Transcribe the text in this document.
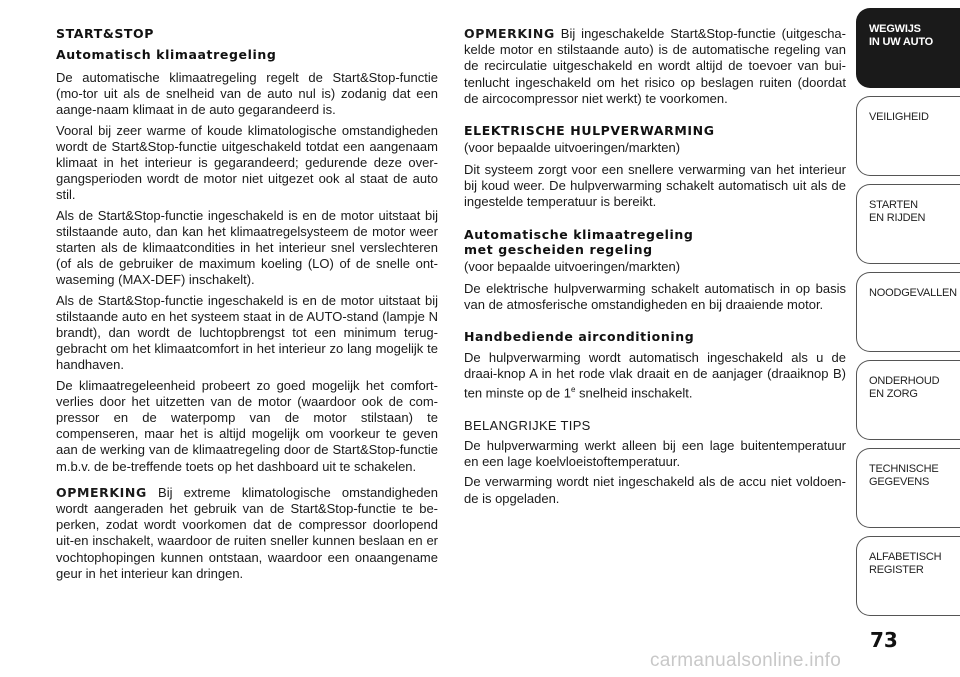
START&STOP
Automatisch klimaatregeling

De automatische klimaatregeling regelt de Start&Stop-functie (mo-tor uit als de snelheid van de auto nul is) zodanig dat een aange-naam klimaat in de auto gegarandeerd is.

Vooral bij zeer warme of koude klimatologische omstandigheden wordt de Start&Stop-functie uitgeschakeld totdat een aangenaam klimaat in het interieur is gegarandeerd; gedurende deze over-gangsperioden wordt de motor niet uitgezet ook al staat de auto stil.

Als de Start&Stop-functie ingeschakeld is en de motor uitstaat bij stilstaande auto, dan kan het klimaatregelsysteem de motor weer starten als de klimaatcondities in het interieur snel verslechteren (of als de gebruiker de maximum koeling (LO) of de snelle ont-waseming (MAX-DEF) inschakelt).

Als de Start&Stop-functie ingeschakeld is en de motor uitstaat bij stilstaande auto en het systeem staat in de AUTO-stand (lampje N brandt), dan wordt de luchtopbrengst tot een minimum terug-gebracht om het klimaatcomfort in het interieur zo lang mogelijk te handhaven.

De klimaatregeleenheid probeert zo goed mogelijk het comfort-verlies door het uitzetten van de motor (waardoor ook de com-pressor en de waterpomp van de motor stilstaan) te compenseren, maar het is altijd mogelijk om voorkeur te geven aan de werking van de klimaatregeling door de Start&Stop-functie m.b.v. de be-treffende toets op het dashboard uit te schakelen.

OPMERKING Bij extreme klimatologische omstandigheden wordt aangeraden het gebruik van de Start&Stop-functie te be-perken, zodat wordt voorkomen dat de compressor doorlopend uit-en inschakelt, waardoor de ruiten sneller kunnen beslaan en er vochtophopingen kunnen ontstaan, waardoor een onaangename geur in het interieur kan dringen.

OPMERKING Bij ingeschakelde Start&Stop-functie (uitgescha-kelde motor en stilstaande auto) is de automatische regeling van de recirculatie uitgeschakeld en wordt altijd de toevoer van bui-tenlucht ingeschakeld om het risico op beslagen ruiten (doordat de aircocompressor niet werkt) te voorkomen.

ELEKTRISCHE HULPVERWARMING
(voor bepaalde uitvoeringen/markten)

Dit systeem zorgt voor een snellere verwarming van het interieur bij koud weer. De hulpverwarming schakelt automatisch uit als de ingestelde temperatuur is bereikt.

Automatische klimaatregeling
met gescheiden regeling
(voor bepaalde uitvoeringen/markten)

De elektrische hulpverwarming schakelt automatisch in op basis van de atmosferische omstandigheden en bij draaiende motor.

Handbediende airconditioning

De hulpverwarming wordt automatisch ingeschakeld als u de draai-knop A in het rode vlak draait en de aanjager (draaiknop B) ten minste op de 1e snelheid inschakelt.

BELANGRIJKE TIPS

De hulpverwarming werkt alleen bij een lage buitentemperatuur en een lage koelvloeistoftemperatuur.

De verwarming wordt niet ingeschakeld als de accu niet voldoen-de is opgeladen.

WEGWIJS
IN UW AUTO
VEILIGHEID
STARTEN
EN RIJDEN
NOODGEVALLEN
ONDERHOUD
EN ZORG
TECHNISCHE
GEGEVENS
ALFABETISCH
REGISTER
73
carmanualsonline.info
